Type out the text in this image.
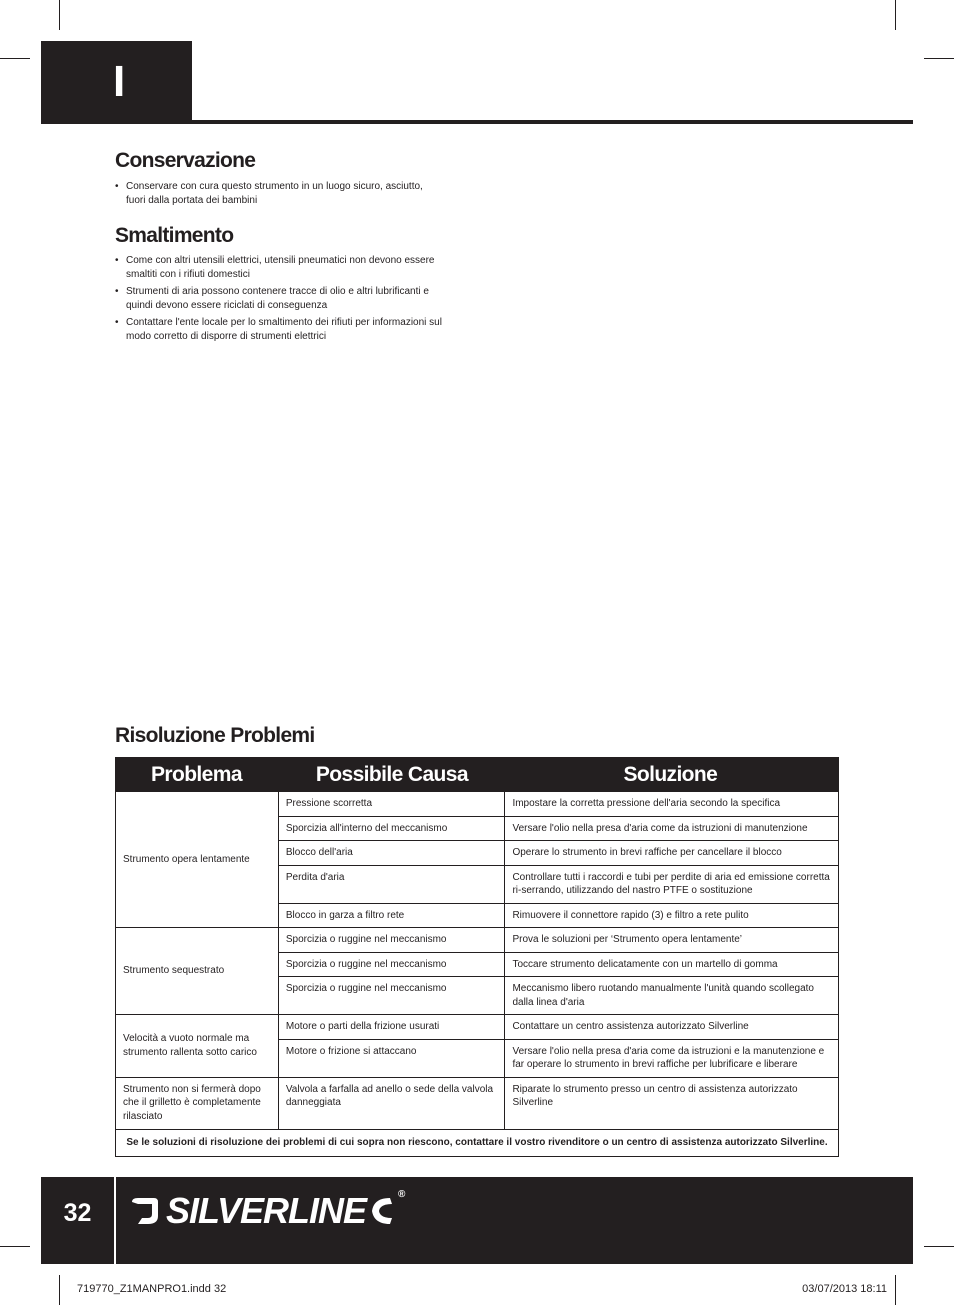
I
Conservazione
• Conservare con cura questo strumento in un luogo sicuro, asciutto, fuori dalla portata dei bambini
Smaltimento
• Come con altri utensili elettrici, utensili pneumatici non devono essere smaltiti con i rifiuti domestici
• Strumenti di aria possono contenere tracce di olio e altri lubrificanti e quindi devono essere riciclati di conseguenza
• Contattare l'ente locale per lo smaltimento dei rifiuti per informazioni sul modo corretto di disporre di strumenti elettrici
Risoluzione Problemi
Problema	Possibile Causa	Soluzione
Strumento opera lentamente	Pressione scorretta	Impostare la corretta pressione dell'aria secondo la specifica
	Sporcizia all'interno del meccanismo	Versare l'olio nella presa d'aria come da istruzioni di manutenzione
	Blocco dell'aria	Operare lo strumento in brevi raffiche per cancellare il blocco
	Perdita d'aria	Controllare tutti i raccordi e tubi per perdite di aria ed emissione corretta ri-serrando, utilizzando del nastro PTFE o sostituzione
	Blocco in garza a filtro rete	Rimuovere il connettore rapido (3) e filtro a rete pulito
Strumento sequestrato	Sporcizia o ruggine nel meccanismo	Prova le soluzioni per ‘Strumento opera lentamente’
	Sporcizia o ruggine nel meccanismo	Toccare strumento delicatamente con un martello di gomma
	Sporcizia o ruggine nel meccanismo	Meccanismo libero ruotando manualmente l'unità quando scollegato dalla linea d'aria
Velocità a vuoto normale ma strumento rallenta sotto carico	Motore o parti della frizione usurati	Contattare un centro assistenza autorizzato Silverline
	Motore o frizione si attaccano	Versare l'olio nella presa d'aria come da istruzioni e la manutenzione e far operare lo strumento in brevi raffiche per lubrificare e liberare
Strumento non si fermerà dopo che il grilletto è completamente rilasciato	Valvola a farfalla ad anello o sede della valvola danneggiata	Riparate lo strumento presso un centro di assistenza autorizzato Silverline
Se le soluzioni di risoluzione dei problemi di cui sopra non riescono, contattare il vostro rivenditore o un centro di assistenza autorizzato Silverline.		
32	SILVERLINE	®
719770_Z1MANPRO1.indd 32	03/07/2013 18:11
